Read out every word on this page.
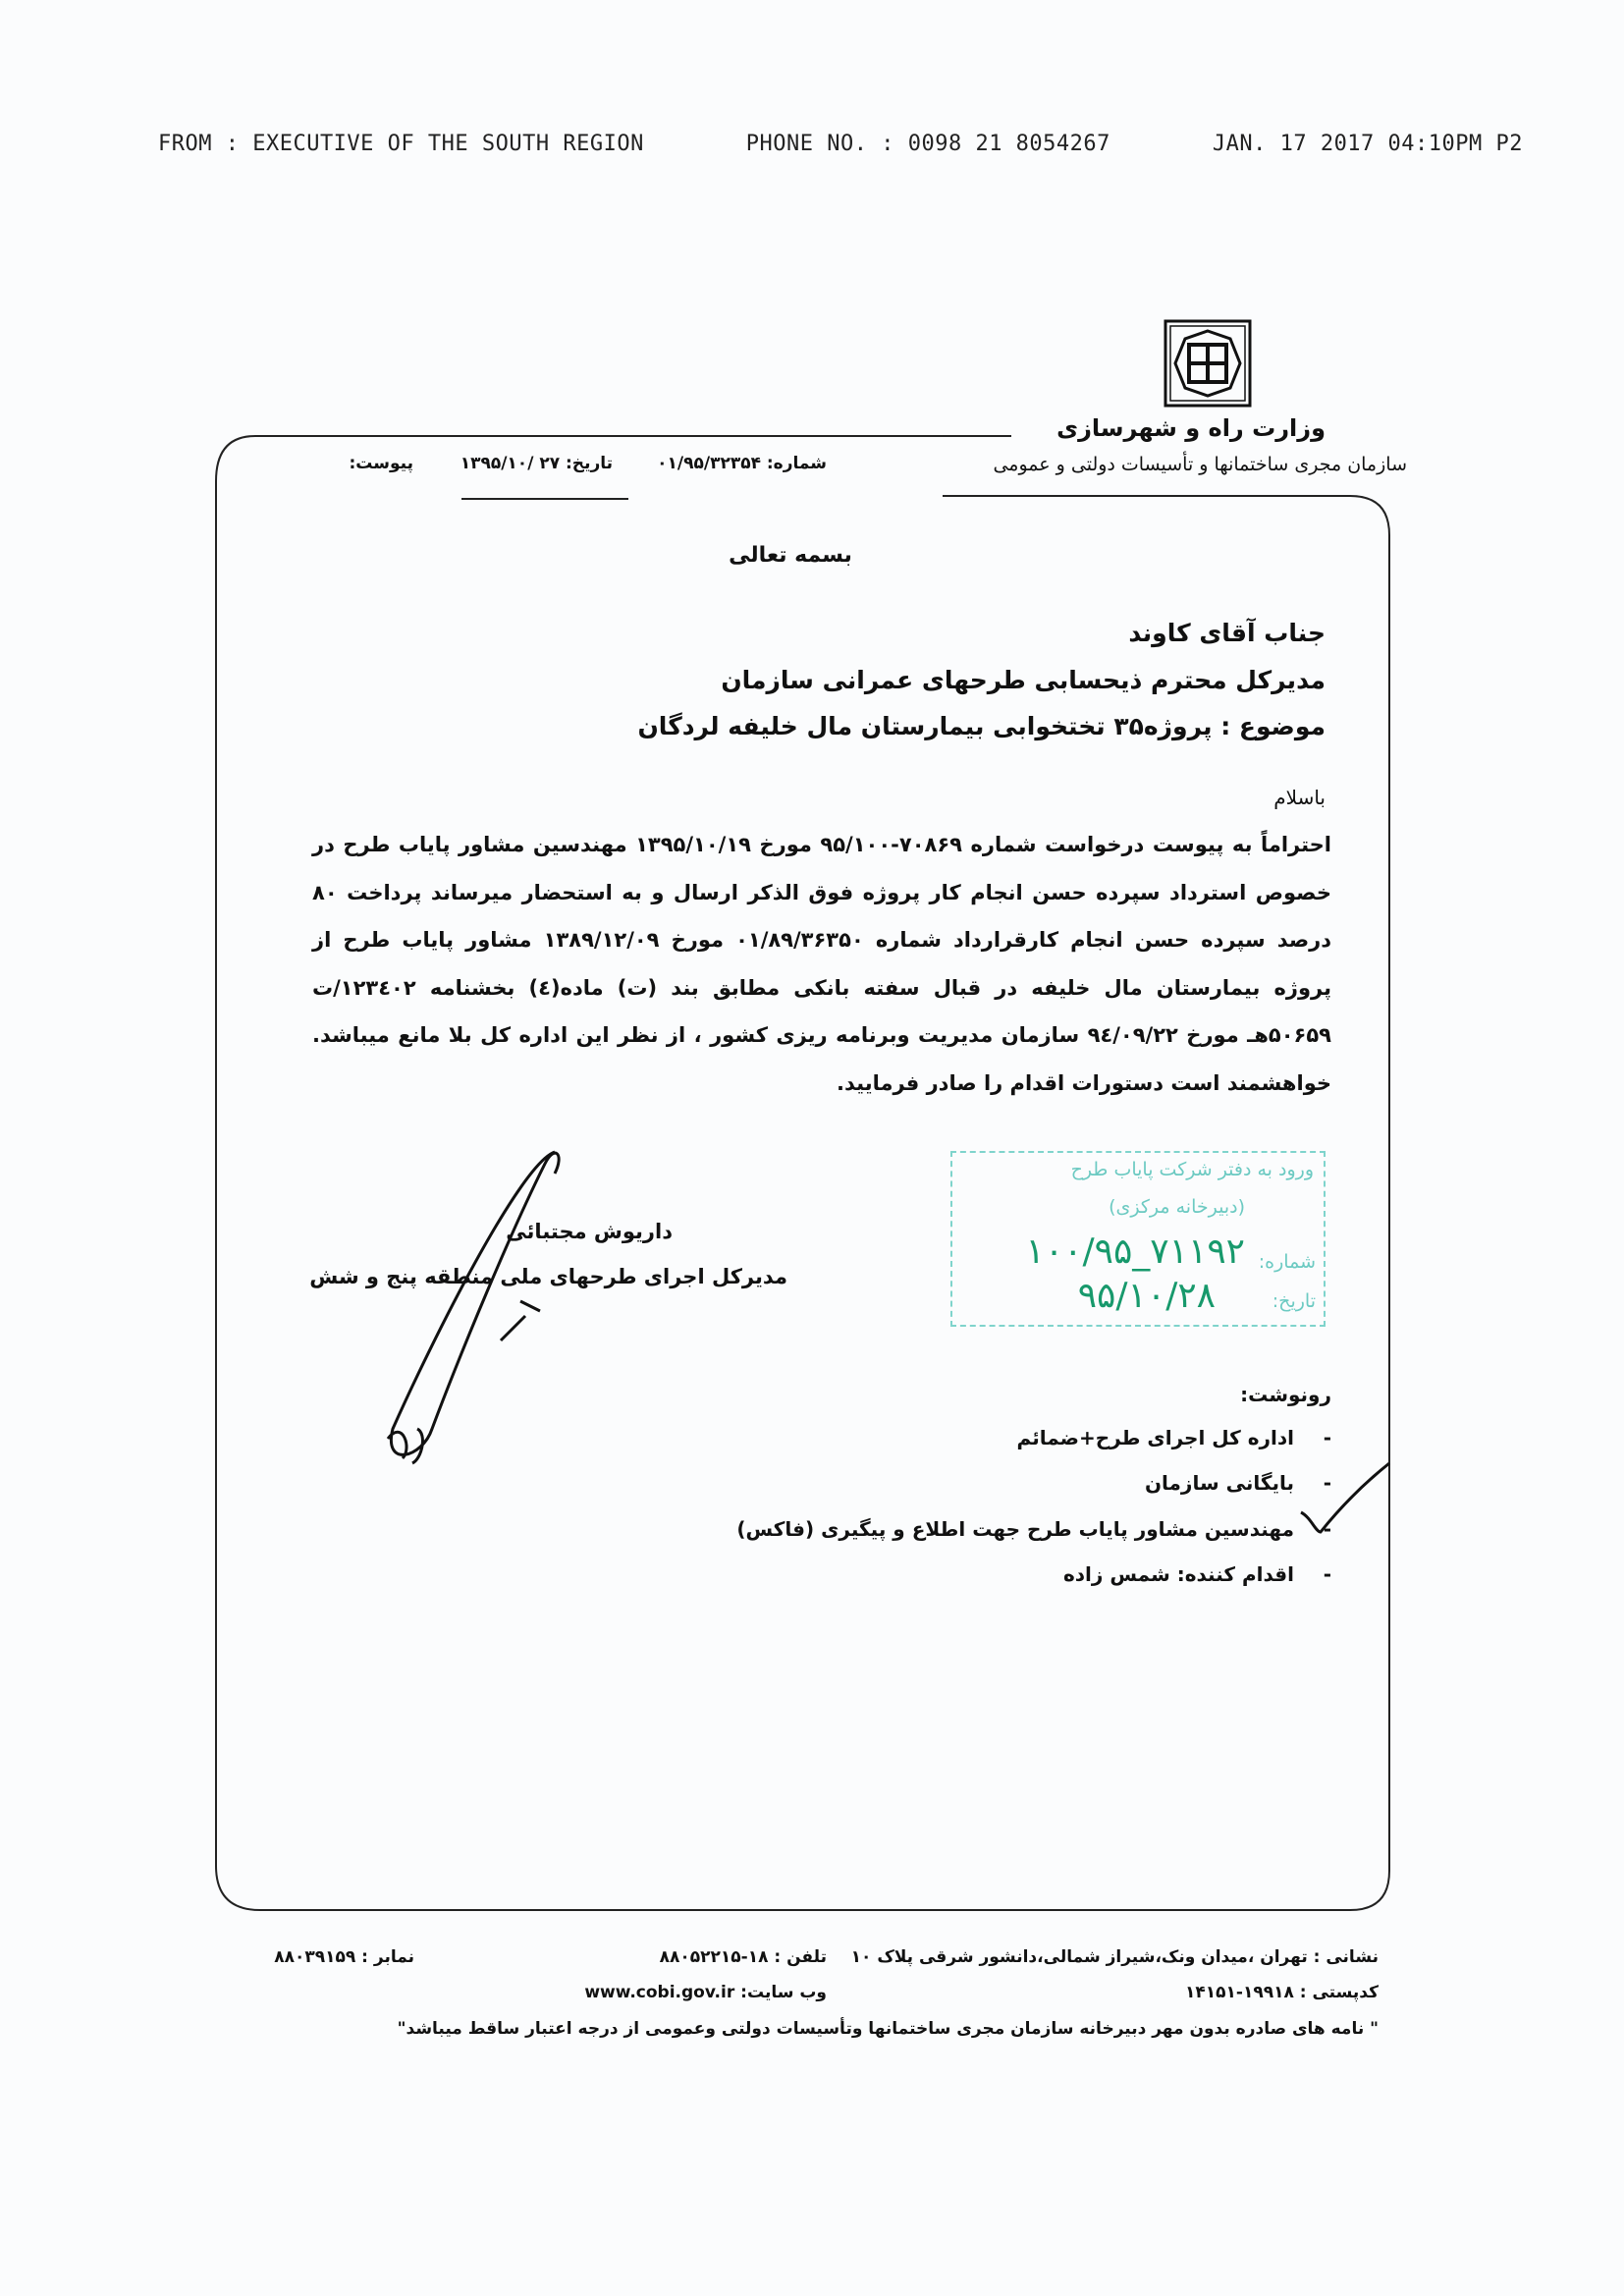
FROM : EXECUTIVE OF THE SOUTH REGION	PHONE NO. : 0098 21 8054267	JAN. 17 2017 04:10PM P2
وزارت راه و شهرسازی
سازمان مجری ساختمانها و تأسیسات دولتی و عمومی
شماره: ۰۱/۹۵/۳۲۳۵۴
تاریخ: ۲۷ /۱۳۹۵/۱۰
پیوست:
بسمه تعالی
جناب آقای کاوند
مدیرکل محترم ذیحسابی طرحهای عمرانی سازمان
موضوع : پروژه۳۵ تختخوابی بیمارستان مال خلیفه لردگان
باسلام
احتراماً به پیوست درخواست شماره ۷۰۸۶۹-۹۵/۱۰۰ مورخ ۱۳۹۵/۱۰/۱۹ مهندسین مشاور پایاب طرح در خصوص استرداد سپرده حسن انجام کار پروژه فوق الذکر ارسال و به استحضار میرساند پرداخت ۸۰ درصد سپرده حسن انجام کارقرارداد شماره ۰۱/۸۹/۳۶۳۵۰ مورخ ۱۳۸۹/۱۲/۰۹ مشاور پایاب طرح از پروژه بیمارستان مال خلیفه در قبال سفته بانکی مطابق بند (ت) ماده(٤) بخشنامه ۱۲۳٤۰۲/ت ۵۰۶۵۹هـ مورخ ۹٤/۰۹/۲۲ سازمان مدیریت وبرنامه ریزی کشور ، از نظر این اداره کل بلا مانع میباشد. خواهشمند است دستورات اقدام را صادر فرمایید.
داریوش مجتبائی
مدیرکل اجرای طرحهای ملی منطقه پنج و شش
ورود به دفتر شرکت پایاب طرح
(دبیرخانه مرکزی)
شماره:
۱۰۰/۹۵_۷۱۱۹۲
تاریخ:
۹۵/۱۰/۲۸
رونوشت:
-
اداره کل اجرای طرح+ضمائم
-
بایگانی سازمان
-
مهندسین مشاور پایاب طرح جهت اطلاع و پیگیری (فاکس)
-
اقدام کننده: شمس زاده
نشانی : تهران ،میدان ونک،شیراز شمالی،دانشور شرقی پلاک ۱۰
تلفن : ۱۸-۸۸۰۵۲۲۱۵
نمابر : ۸۸۰۳۹۱۵۹
کدپستی : ۱۹۹۱۸-۱۴۱۵۱
وب سایت: www.cobi.gov.ir
" نامه های صادره بدون مهر دبیرخانه سازمان مجری ساختمانها وتأسیسات دولتی وعمومی از درجه اعتبار ساقط میباشد"
